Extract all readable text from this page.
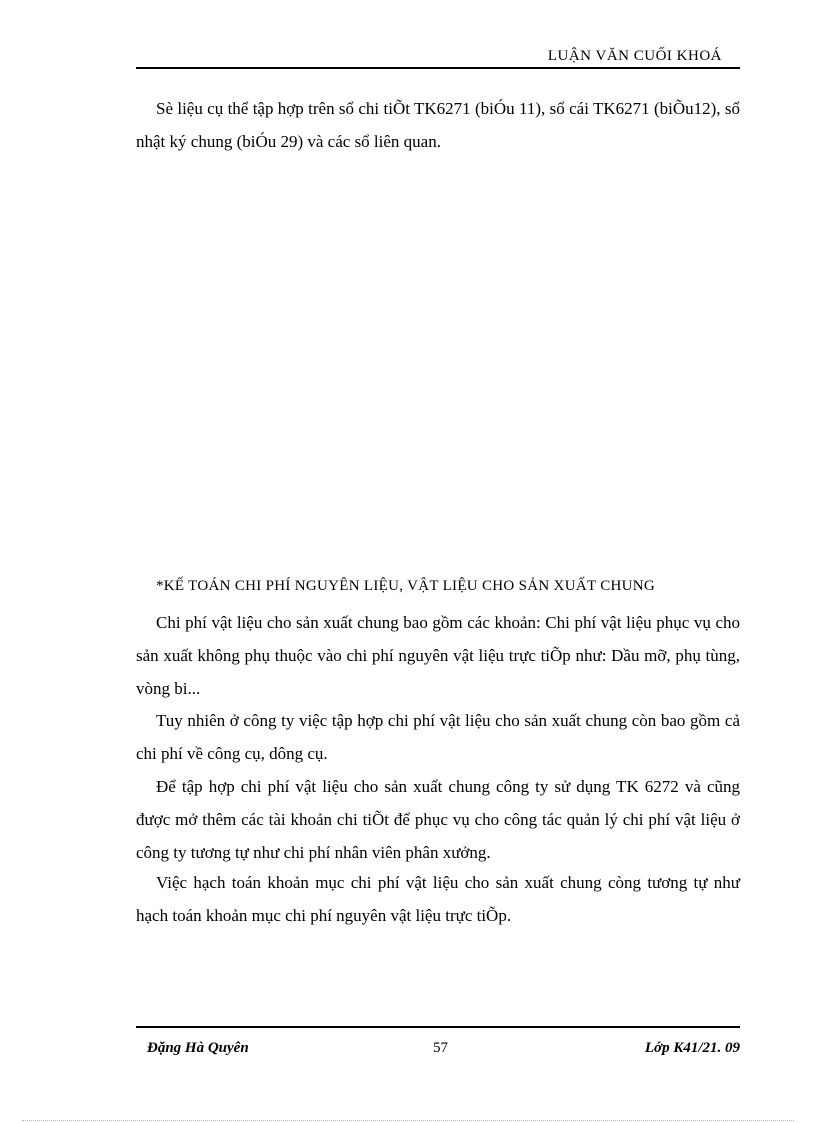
LUẬN VĂN CUỐI KHOÁ

Sè liệu cụ thể tập hợp trên sổ chi tiÕt TK6271 (biÓu 11), sổ cái TK6271 (biÕu12), sổ nhật ký chung (biÓu 29) và các sổ liên quan.

*KẾ TOÁN CHI PHÍ NGUYÊN LIỆU, VẬT LIỆU CHO SẢN XUẤT CHUNG

Chi phí vật liệu cho sản xuất chung bao gồm các khoản: Chi phí vật liệu phục vụ cho sản xuất không phụ thuộc vào chi phí nguyên vật liệu trực tiÕp như: Dầu mỡ, phụ tùng, vòng bi...

Tuy nhiên ở công ty việc tập hợp chi phí vật liệu cho sản xuất chung còn bao gồm cả chi phí về công cụ, dông cụ.

Để tập hợp chi phí vật liệu cho sản xuất chung công ty sử dụng TK 6272 và cũng được mở thêm các tài khoản chi tiÕt để phục vụ cho công tác quản lý chi phí vật liệu ở công ty tương tự như chi phí nhân viên phân xưởng.

Việc hạch toán khoản mục chi phí vật liệu cho sản xuất chung còng tương tự như hạch toán khoản mục chi phí nguyên vật liệu trực tiÕp.

Đặng Hà Quyên	57	Lớp K41/21. 09
